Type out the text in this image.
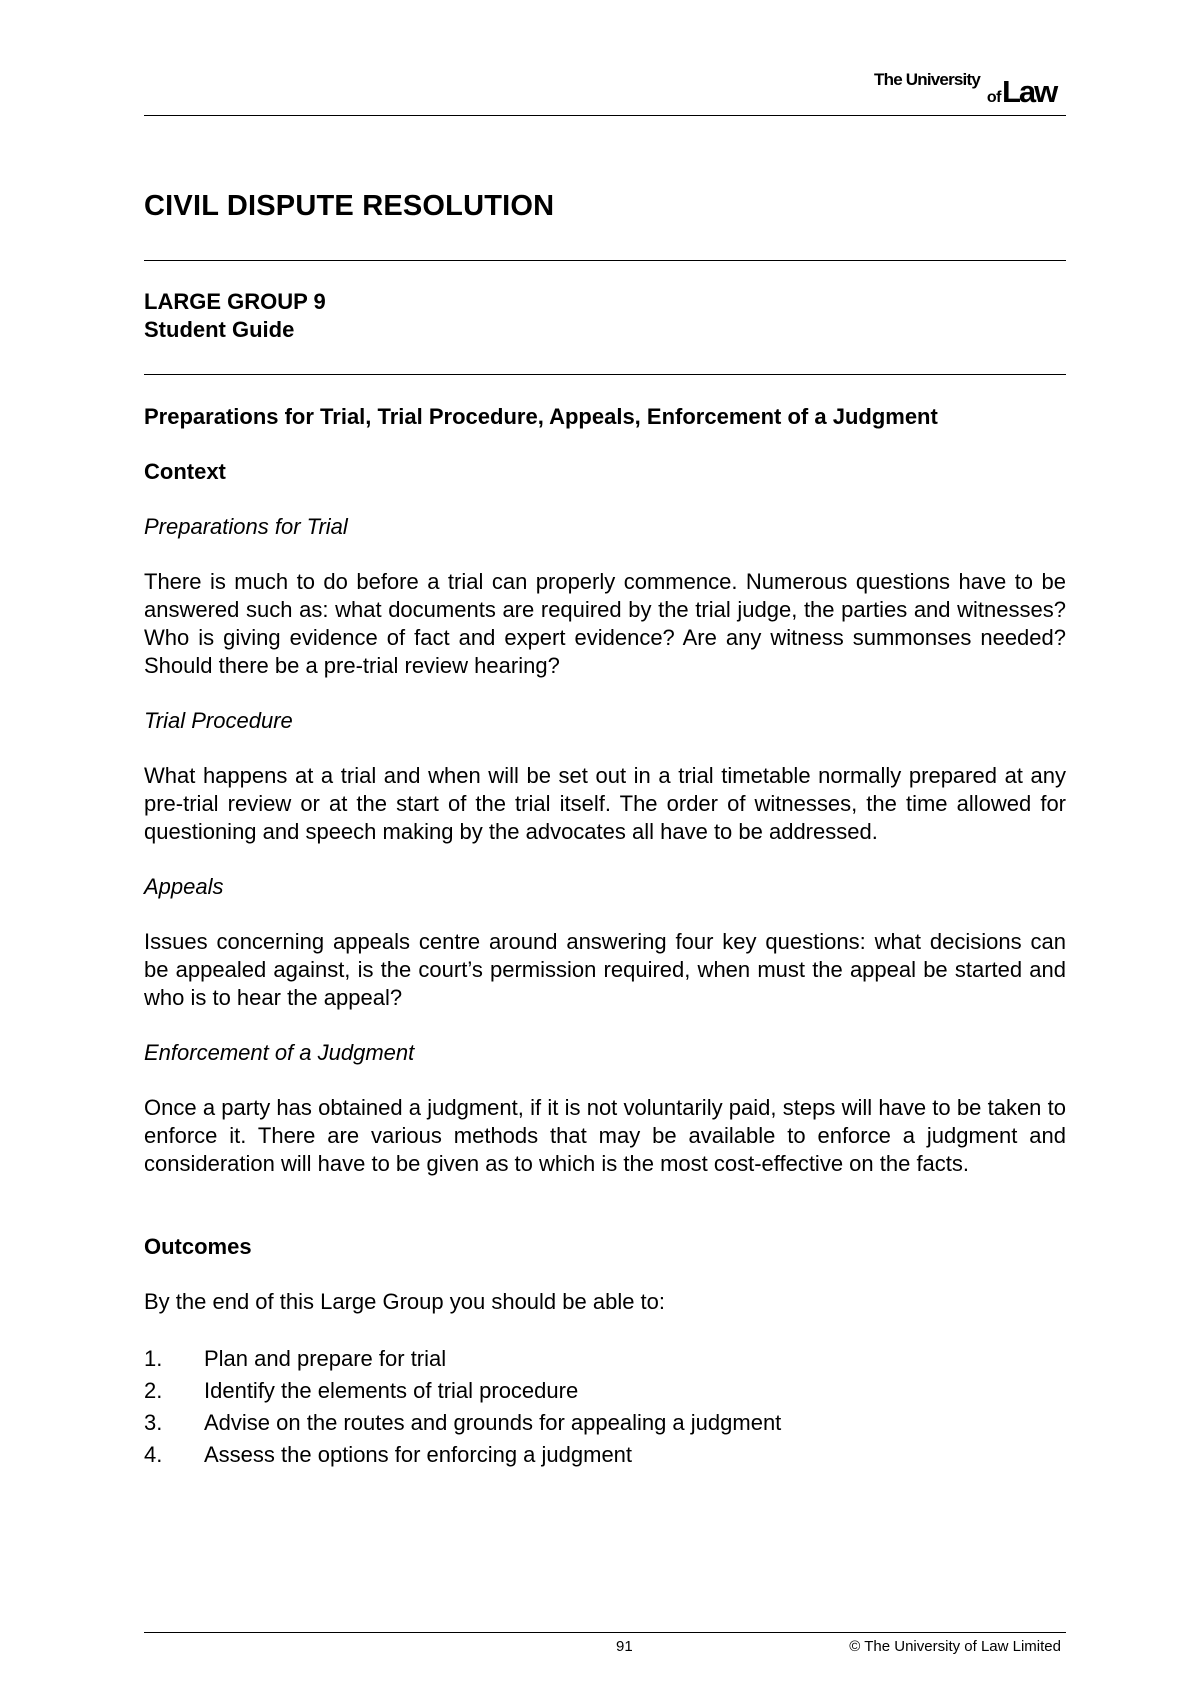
The University
of Law
CIVIL DISPUTE RESOLUTION
LARGE GROUP 9
Student Guide

Preparations for Trial, Trial Procedure, Appeals, Enforcement of a Judgment

Context

Preparations for Trial

There is much to do before a trial can properly commence. Numerous questions have to be answered such as: what documents are required by the trial judge, the parties and witnesses? Who is giving evidence of fact and expert evidence? Are any witness summonses needed? Should there be a pre-trial review hearing?

Trial Procedure

What happens at a trial and when will be set out in a trial timetable normally prepared at any pre-trial review or at the start of the trial itself. The order of witnesses, the time allowed for questioning and speech making by the advocates all have to be addressed.

Appeals

Issues concerning appeals centre around answering four key questions: what decisions can be appealed against, is the court’s permission required, when must the appeal be started and who is to hear the appeal?

Enforcement of a Judgment

Once a party has obtained a judgment, if it is not voluntarily paid, steps will have to be taken to enforce it. There are various methods that may be available to enforce a judgment and consideration will have to be given as to which is the most cost-effective on the facts.

Outcomes

By the end of this Large Group you should be able to:

1.	Plan and prepare for trial
2.	Identify the elements of trial procedure
3.	Advise on the routes and grounds for appealing a judgment
4.	Assess the options for enforcing a judgment
91	© The University of Law Limited
